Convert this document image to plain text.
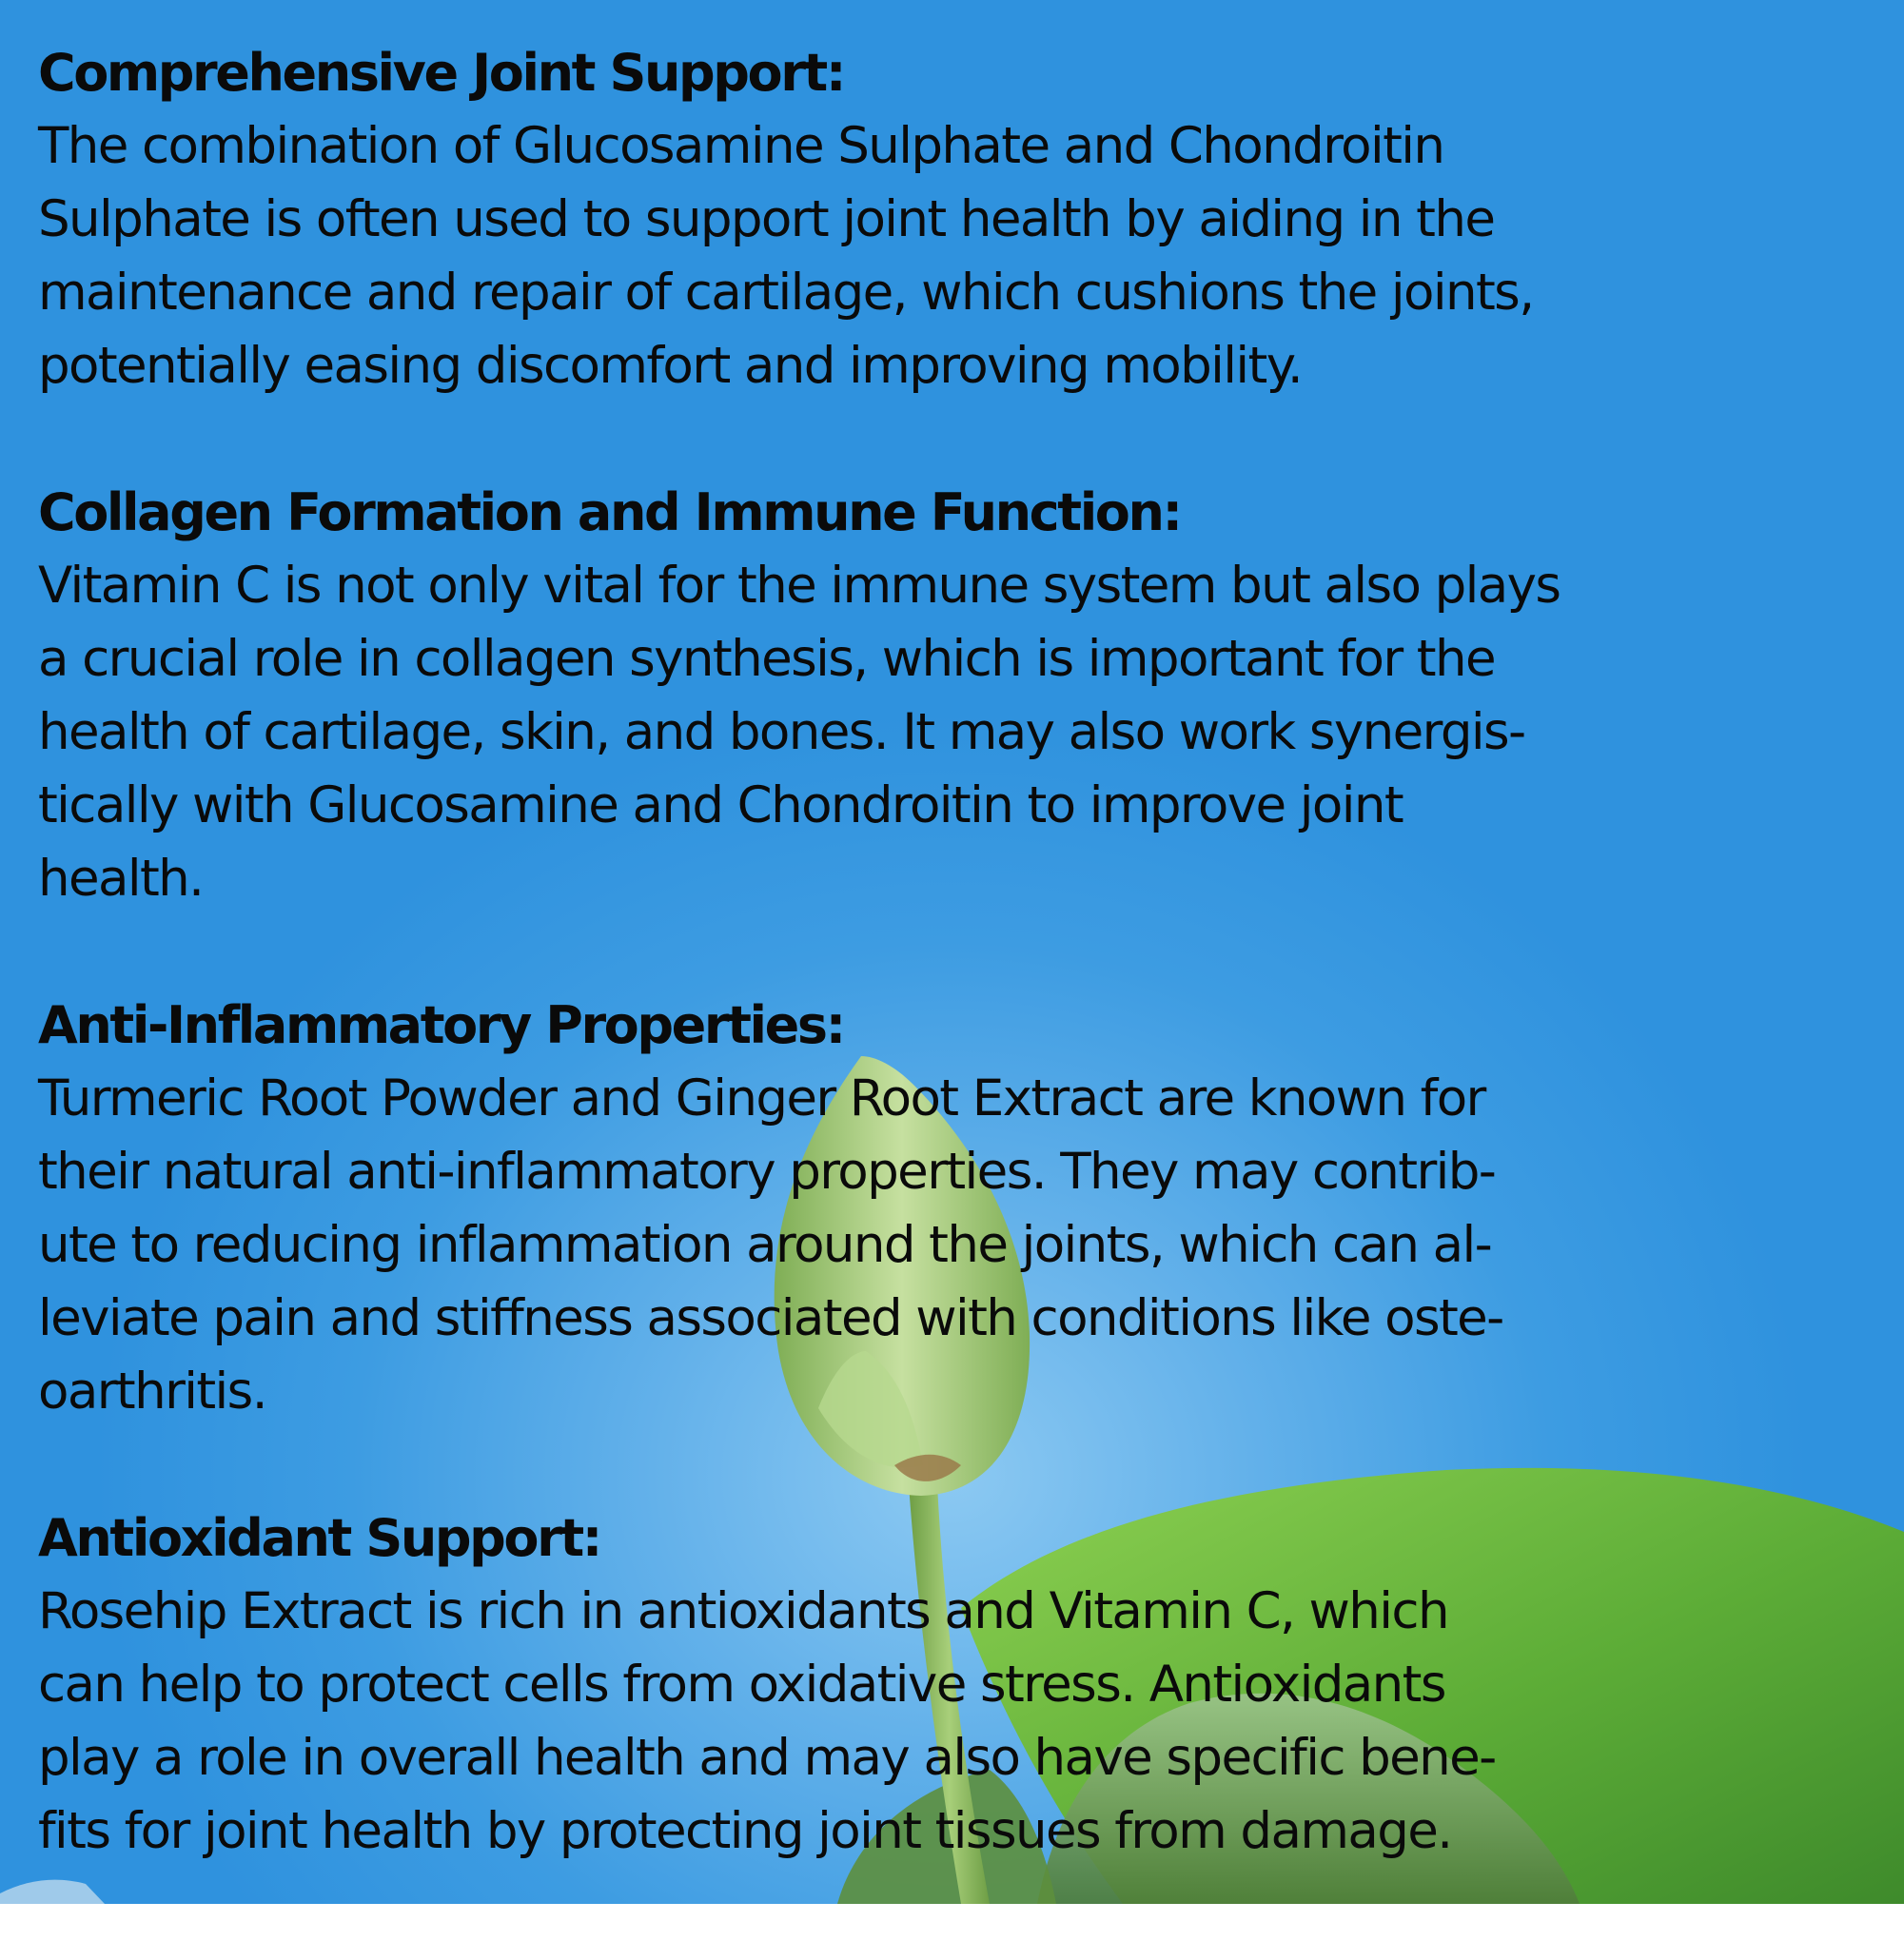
Comprehensive Joint Support:

The combination of Glucosamine Sulphate and Chondroitin
Sulphate is often used to support joint health by aiding in the
maintenance and repair of cartilage, which cushions the joints,
potentially easing discomfort and improving mobility.

Collagen Formation and Immune Function:

Vitamin C is not only vital for the immune system but also plays
a crucial role in collagen synthesis, which is important for the
health of cartilage, skin, and bones. It may also work synergis-
tically with Glucosamine and Chondroitin to improve joint
health.

Anti-Inflammatory Properties:

Turmeric Root Powder and Ginger Root Extract are known for
their natural anti-inflammatory properties. They may contrib-
ute to reducing inflammation around the joints, which can al-
leviate pain and stiffness associated with conditions like oste-
oarthritis.

Antioxidant Support:

Rosehip Extract is rich in antioxidants and Vitamin C, which
can help to protect cells from oxidative stress. Antioxidants
play a role in overall health and may also have specific bene-
fits for joint health by protecting joint tissues from damage.
